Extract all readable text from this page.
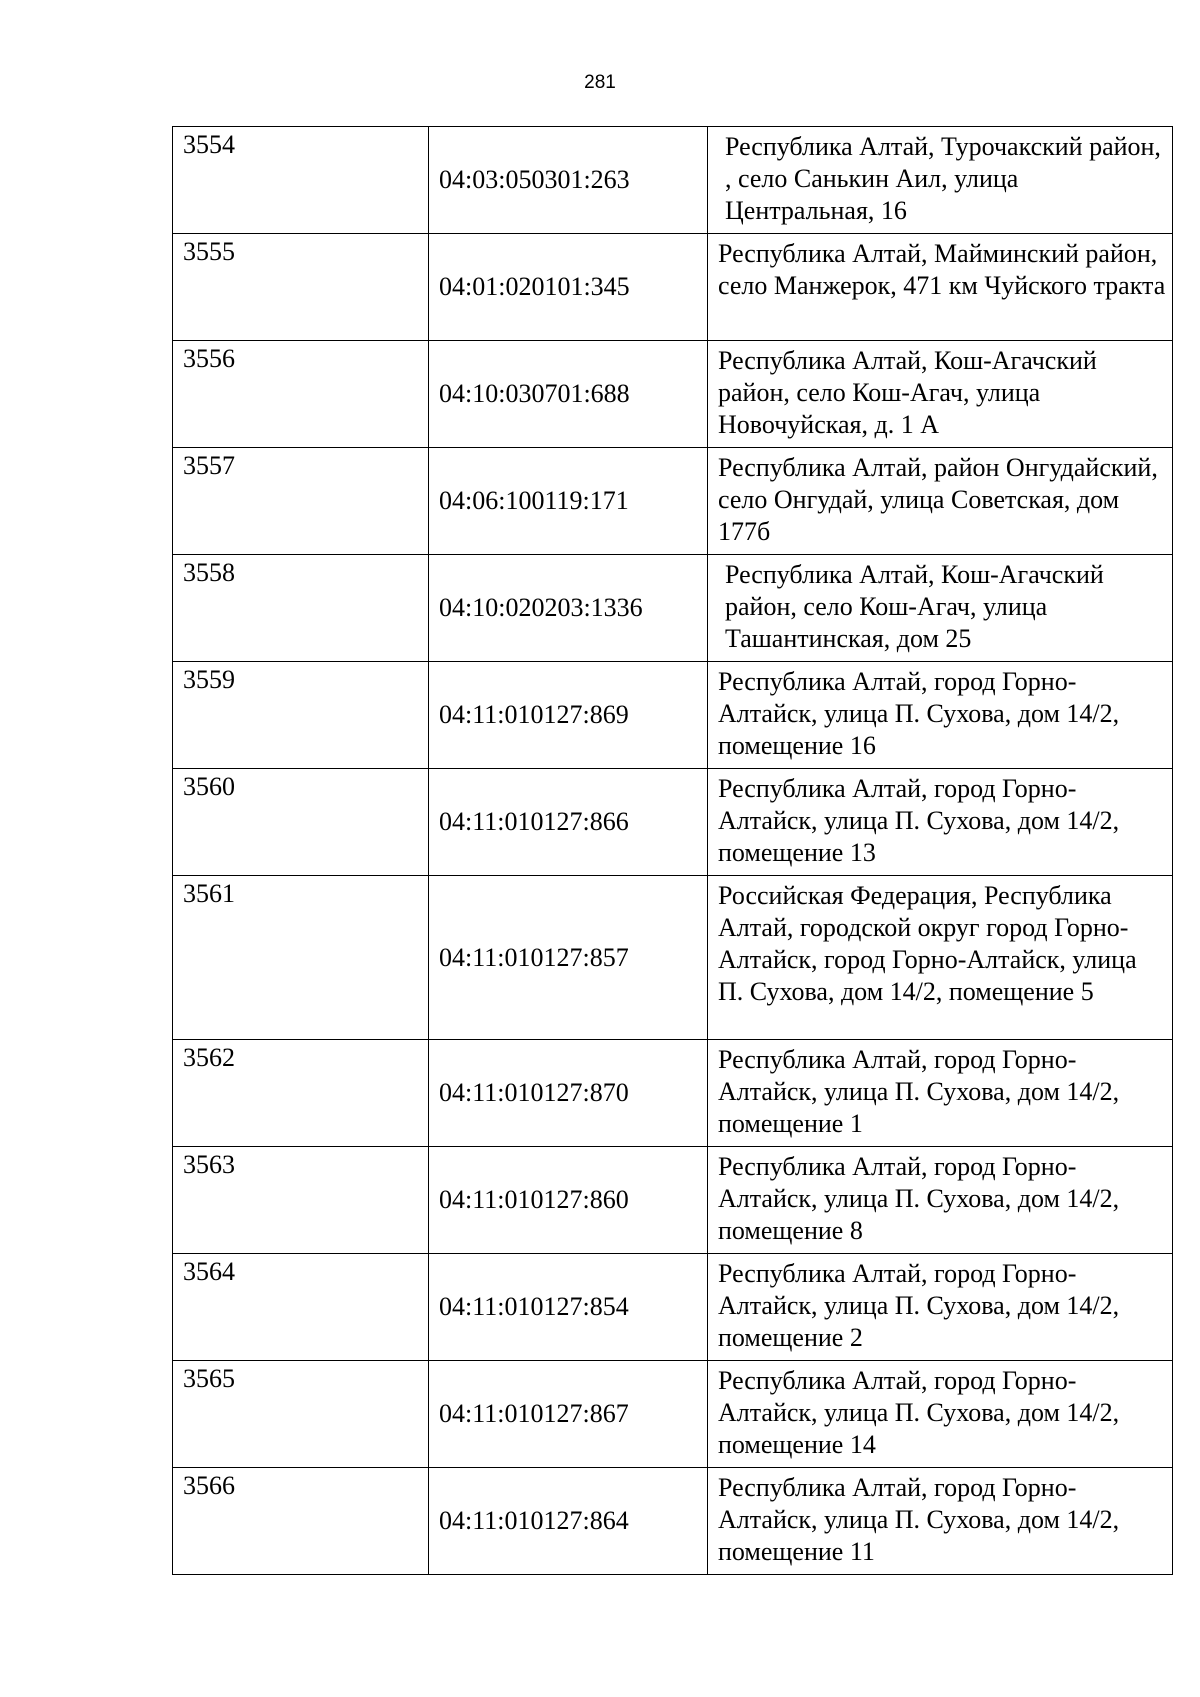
281
3554	04:03:050301:263	Республика Алтай, Турочакский район, , село Санькин Аил, улица Центральная, 16

3555	04:01:020101:345	Республика Алтай, Майминский район, село Манжерок, 471 км Чуйского тракта
3556	04:10:030701:688	Республика Алтай, Кош-Агачский район, село Кош-Агач, улица Новочуйская, д. 1 А
3557	04:06:100119:171	Республика Алтай, район Онгудайский, село Онгудай, улица Советская, дом 177б
3558	04:10:020203:1336	Республика Алтай, Кош-Агачский район, село Кош-Агач, улица Ташантинская, дом 25

3559	04:11:010127:869	Республика Алтай, город Горно-Алтайск, улица П. Сухова, дом 14/2, помещение 16
3560	04:11:010127:866	Республика Алтай, город Горно-Алтайск, улица П. Сухова, дом 14/2, помещение 13
3561	04:11:010127:857	Российская Федерация, Республика Алтай, городской округ город Горно-Алтайск, город Горно-Алтайск, улица П. Сухова, дом 14/2, помещение 5
3562	04:11:010127:870	Республика Алтай, город Горно-Алтайск, улица П. Сухова, дом 14/2, помещение 1
3563	04:11:010127:860	Республика Алтай, город Горно-Алтайск, улица П. Сухова, дом 14/2, помещение 8
3564	04:11:010127:854	Республика Алтай, город Горно-Алтайск, улица П. Сухова, дом 14/2, помещение 2
3565	04:11:010127:867	Республика Алтай, город Горно-Алтайск, улица П. Сухова, дом 14/2, помещение 14
3566	04:11:010127:864	Республика Алтай, город Горно-Алтайск, улица П. Сухова, дом 14/2, помещение 11
